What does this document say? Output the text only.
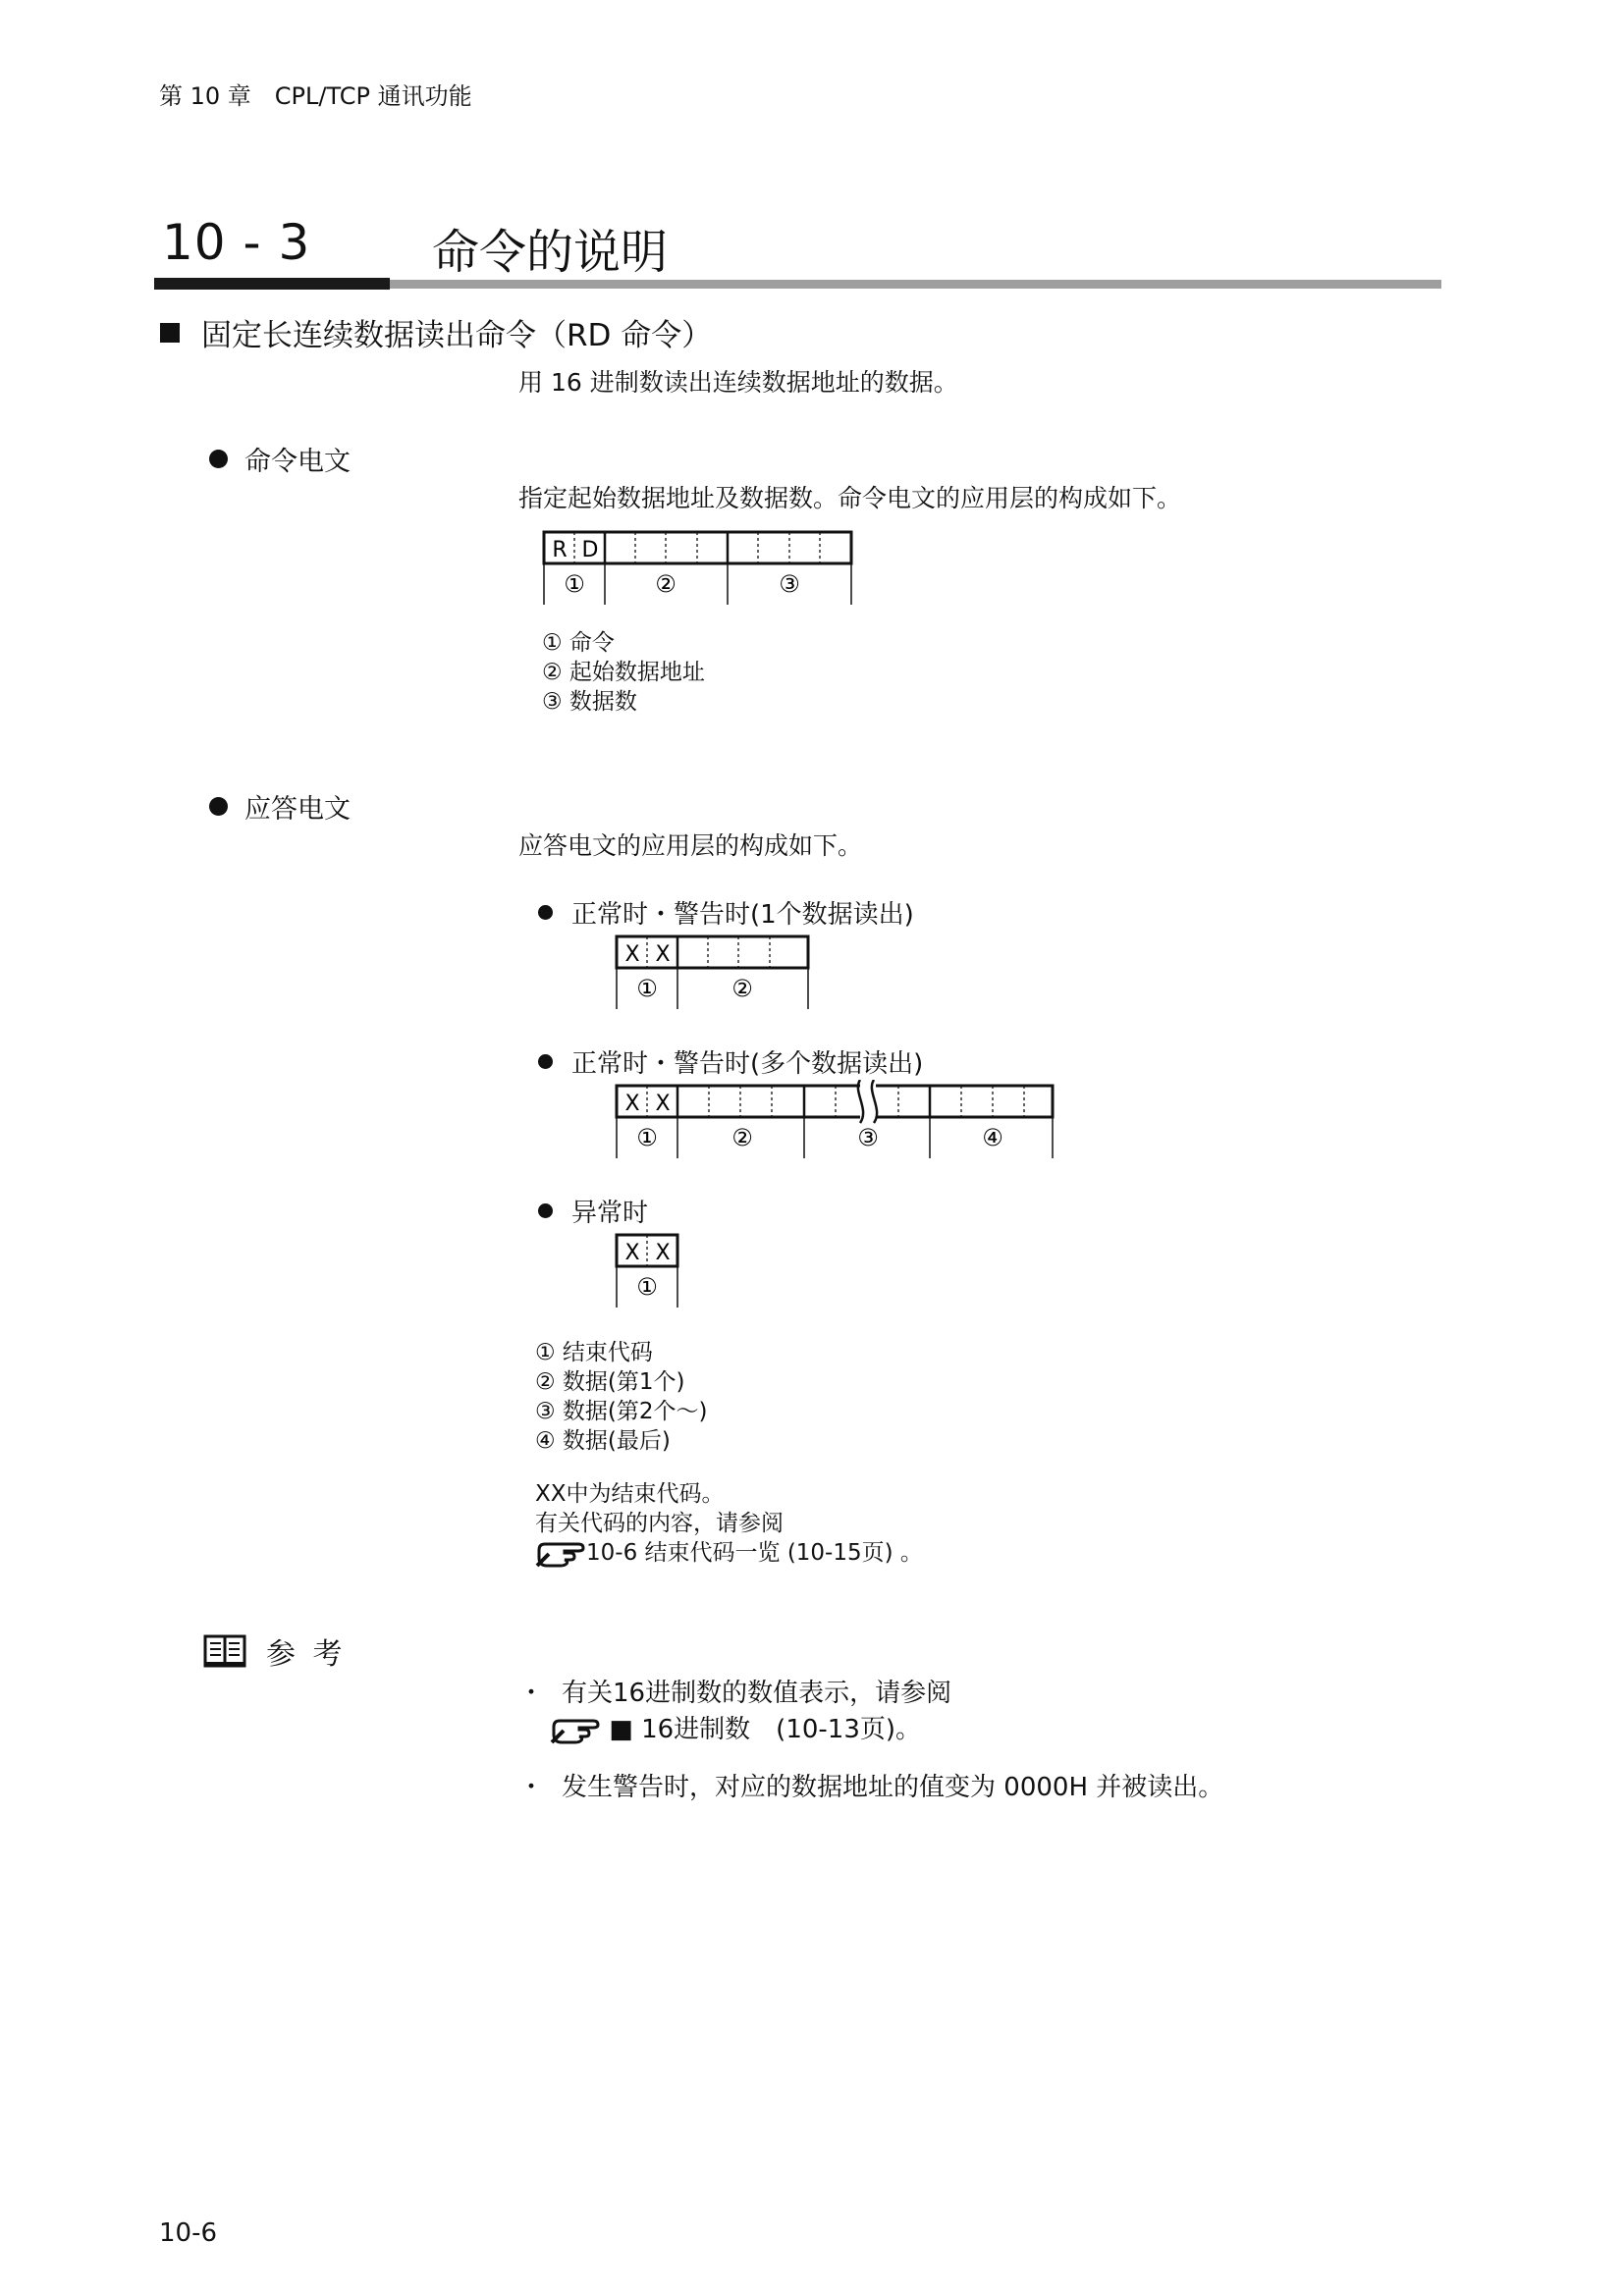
第 10 章　CPL/TCP 通讯功能
10 - 3	命令的说明
固定长连续数据读出命令（RD 命令）
用 16 进制数读出连续数据地址的数据。
命令电文
指定起始数据地址及数据数。命令电文的应用层的构成如下。
R D
①	②	③
① 命令
② 起始数据地址
③ 数据数
应答电文
应答电文的应用层的构成如下。
正常时・警告时(1个数据读出)
X X
①	②
正常时・警告时(多个数据读出)
X X
①	②	③	④
异常时
X X
①
① 结束代码
② 数据(第1个)
③ 数据(第2个～)
④ 数据(最后)
XX中为结束代码。
有关代码的内容，请参阅
10-6 结束代码一览 (10-15页) 。
参 考
・ 有关16进制数的数值表示，请参阅
■ 16进制数　(10-13页)。
・ 发生警告时，对应的数据地址的值变为 0000H 并被读出。
10-6
